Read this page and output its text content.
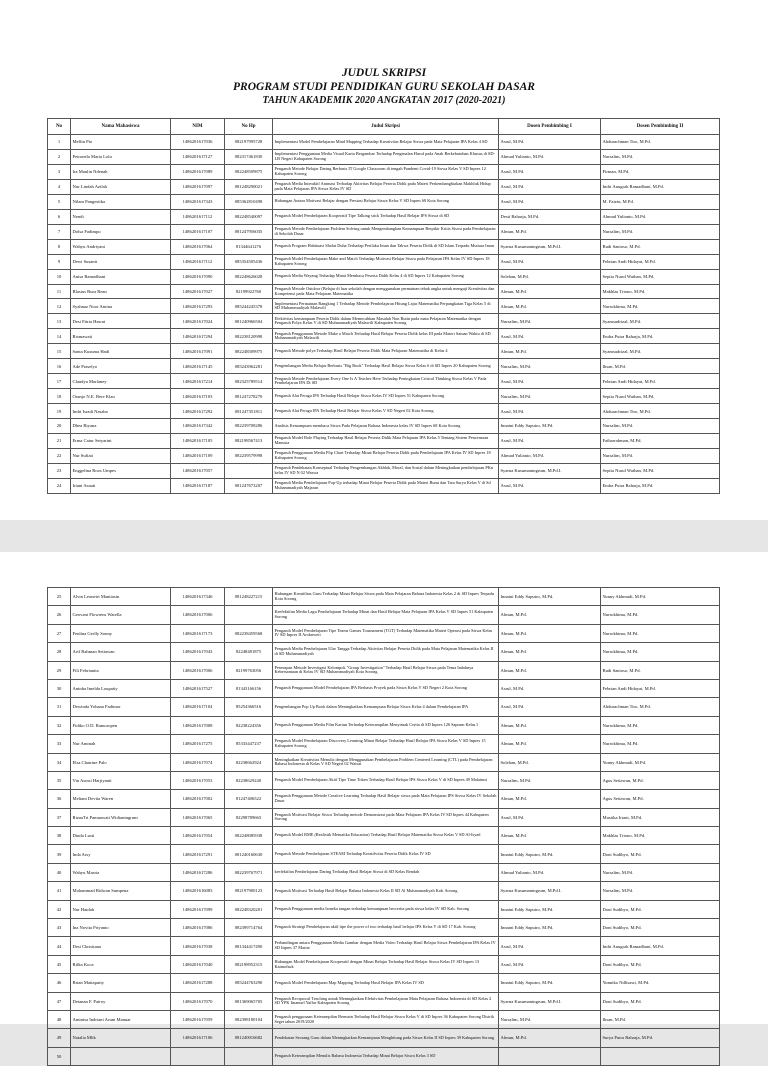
JUDUL SKRIPSI
PROGRAM STUDI PENDIDIKAN GURU SEKOLAH DASAR
TAHUN AKADEMIK 2020 ANGKATAN 2017 (2020-2021)
No	Nama Mahasiswa	NIM	No Hp	Judul Skripsi	Dosen Pembimbing I	Dosen Pembimbing II
1	Melfin Pio	1486201617036	082197995728	Implementasi Model Pembelajaran Mind Mapping Terhadap Kreativitas Belajar Siswa pada Mata Pelajaran IPA Kelas 4 SD	Asrul, M.Pd.	Abdurachman Tiro, M.Pd.
2	Petronela Maria Lolu	1486201617127	082317461830	Implementasi Penggunaan Media Visual Kartu Bergambar Terhadap Pengenalan Huruf pada Anak Berkebutuhan Khusus di SD-LB Negeri Kabupaten Sorong	Ahmad Yulianto, M.Pd.	Nursalim, M.Pd.
3	Ira Maulin Ndenah	1486201617089	082248509875	Pengaruh Metode Belajar Daring Berbasis IT Google Classroom di tengah Pandemi Covid-19 Siswa Kelas V SD Inpres 12 Kabupaten Sorong	Asrul, M.Pd.	Firman, M.Pd.
4	Nur Lindah Azilah	1486201617097	081248290021	Pengaruh Media Interaktif Animasi Terhadap Aktivitas Belajar Peserta Didik pada Materi Perkembangbiakan Makhluk Hidup pada Mata Pelajaran IPA Siswa Kelas IV SD	Asrul, M.Pd.	Indri Anugrah Ramadhani, M.Pd.
5	Nilam Pangestika	1486201617343	085362810498	Hubungan Antara Motivasi Belajar dengan Prestasi Belajar Siswa Kelas V SD Inpres 68 Kota Sorong	Asrul, M.Pd.	M. Faizin, M.Pd.
6	Nendi	1486201617112	082248540097	Pengaruh Model Pembelajaran Kooperatif Tipe Talking stick Terhadap Hasil Belajar IPS Siswa di SD	Desti Raharja, M.Pd.	Ahmad Yulianto, M.Pd.
7	Dolsa Fadimpo	1486201617107	081247956035	Pengaruh Metode Pembelajaran Problem Solving untuk Mengembangkan Kemampuan Berpikir Kritis Siswa pada Pembelajaran di Sekolah Dasar	Almun, M.Pd.	Nursalim, M.Pd.
8	Wahyu Andriyani	1486201617064	81344641276	Pengaruh Program Habituasi Sholat Duha Terhadap Perilaku Iman dan Takwa Peserta Didik di SD Islam Terpadu Mutiara Iman	Syarna Kusumaningrum, M.Pd.I.	Budi Santoso, M.Pd.
9	Dewi Susanti	1486201617112	085354505436	Pengaruh Model Pembelajaran Make and Match Terhadap Motivasi Belajar Siswa pada Pelajaran IPA Kelas IV SD Inpres 18 Kabupaten Sorong	Asrul, M.Pd.	Febrian Andi Hidayat, M.Pd.
10	Anisa Ramadhani	1486201617090	082248626028	Pengaruh Media Wayang Terhadap Minat Membaca Peserta Didik Kelas 4 di SD Inpres 12 Kabupaten Sorong	Solehan, M.Pd.	Septia Nurul Wathan, M.Pd.
11	Blasius Bura Rean	1486201617027	82199922760	Pengaruh Metode Outdoor (Belajar di luar sekolah dengan menggunakan permainan tebak angka untuk menguji Kreativitas dan Kompetensi pada Mata Pelajaran Matematika	Almun, M.Pd.	Makhlas Triono, M.Pd.
12	Syahnaz Noor Amina	1486201617293	085244245378	Implementasi Permainan Rangking 1 Terhadap Metode Pembelajaran Hitung Lajur Matematika Perpangkatan Tiga Kelas 5 di SD Muhammadiyah Malawili	Almun, M.Pd.	Nurrokhima, M.Pd.
13	Desi Fitria Hasrat	1486201617024	081240966504	Efektivitas kemampuan Peserta Didik dalam Memecahkan Masalah Non Rutin pada mata Pelajaran Matematika dengan Pengaruh Polya Kelas V di SD Muhammadiyah Malawili Kabupaten Sorong	Nursalim, M.Pd.	Syamsudrizal, M.Pd.
14	Rismawati	1486201617294	082238120998	Pengaruh Penggunaan Metode Make a Match Terhadap Hasil Belajar Peserta Didik kelas III pada Materi Satuan Waktu di SD Muhammadiyah Malawili	Asrul, M.Pd.	Endra Putra Raharja, M.Pd.
15	Santa Kusuma Hadi	1486201617091	082248509975	Pengaruh Metode polya Terhadap Hasil Belajar Peserta Didik Mata Pelajaran Matematika di Kelas 4	Almun, M.Pd.	Syamsudrizal, M.Pd.
16	Ade Praselyo	1486201617145	085243962281	Pengembangan Media Belajar Berbasis "Big Book" Terhadap Hasil Belajar Siswa Kelas 6 di SD Inpres 20 Kabupaten Sorong	Nursalim, M.Pd.	Ihsan, M.Pd.
17	Claudya Marlaney	1486201617214	082325789514	Pengaruh Metode Pembelajaran Every One Is A Teacher Here Terhadap Peningkatan Critical Thinking Siswa Kelas V Pada Pembelajaran IPA Di SD	Asrul, M.Pd.	Febrian Andi Hidayat, M.Pd.
18	Oranjo N.E. Bere Klau	1486201617103	081247278270	Pengaruh Alat Peraga IPS Terhadap Hasil Belajar Siswa Kelas IV SD Inpres 51 Kabupaten Sorong	Nursalim, M.Pd.	Septia Nurul Wathan, M.Pd.
19	Indri Isradi Nasaba	1486201617292	081247351811	Pengaruh Alat Peraga IPA Terhadap Hasil Belajar Siswa Kelas V SD Negeri 02 Kota Sorong	Asrul, M.Pd.	Abdurachman Tiro, M.Pd.
20	Dhea Riyana	1486201617342	082239708286	Analisis Kemampuan membaca Siswa Pada Pelajaran Bahasa Indonesia kelas IV SD Inpres 68 Kota Sorong	Innaini Eddy Saputro, M.Pd.	Nursalim, M.Pd.
21	Erma Catur Setyarini	1486201617105	082198567413	Pengaruh Model Role Playing Terhadap Hasil Belajar Peserta Didik Mata Pelajaran IPA Kelas 5 Tentang Sistem Pencernaan Manusia	Asrul, M.Pd.	Fatharrahman, M.Pd.
22	Nur Sufiati	1486201617109	082239579998	Pengaruh Penggunaan Media Flip Chart Terhadap Minat Belajar Peserta Didik pada Pembelajaran IPA Kelas IV SD Inpres 18 Kabupaten Sorong	Ahmad Yulianto, M.Pd.	Nursalim, M.Pd.
23	Enggelina Roos Umpes	1486201617057		Pengaruh Pendekatan Konseptual Terhadap Pengembangan Akhlak, Moral, dan Sosial dalam Meningkatkan pembelajaran PKn kelas IV SD N 02 Waswa	Syarna Kusumaningrum, M.Pd.I.	Septia Nurul Wathan, M.Pd.
24	Iriani Asnati	1486201617187	081247673207	Pengaruh Media Pembelajaran Pop-Up terhadap Minat Belajar Peserta Didik pada Materi Bumi dan Tata Surya Kelas V di Sd Muhammadiyah Majaran	Asrul, M.Pd.	Endra Putra Raharja, M.Pd.
25	Alvin Leonetri Mantiasin	1486201617346	081248227215	Hubungan Kreatifitas Guru Terhadap Minat Belajar Siswa pada Mata Pelajaran Bahasa Indonesia Kelas 2 di SD Inpres Terpadu Kota Sorong	Innaini Eddy Saputro, M.Pd.	Yunny Akhmadi, M.Pd.
26	Geovani Flowrens Warella	1486201617006		Keefektifan Media Lagu Pembelajaran Terhadap Minat dan Hasil Belajar Mata Pelajaran IPA Kelas V SD Inpres 51 Kabupaten Sorong	Almun, M.Pd.	Nurrokhima, M.Pd.
27	Fenlina Gerlly Sonny	1486201617173	082238459568	Pengaruh Model Pembelajaran Tipe Teams Games Tournament (TGT) Terhadap Matematika Materi Operasi pada Siswa Kelas IV SD Inpres II Aroknweri	Almun, M.Pd.	Nurrokhima, M.Pd.
28	Arif Rahman Setiawan	1486201617043	82248481875	Pengaruh Media Pembelajaran Ular Tangga Terhadap Aktivitas Belajar Peserta Didik pada Mata Pelajaran Matematika Kelas II di SD Muhammadiyah	Almun, M.Pd.	Nurrokhima, M.Pd.
29	Fili Febrianita	1486201617006	82199763056	Penerapan Metode Investigasi Kelompok "Group Investigation" Terhadap Hasil Belajar Siswa pada Tema Indahnya Kebersamaan di Kelas IV SD Muhammadiyah Kota Sorong	Almun, M.Pd.	Budi Santoso, M.Pd.
30	Aninha Imelda Loupatty	1486201617527	81343166156	Pengaruh Penggunaan Model Pembelajaran IPA Berbasis Proyek pada Siswa Kelas V SD Negeri 2 Kota Sorong	Asrul, M.Pd.	Febrian Andi Hidayat, M.Pd.
31	Dewinda Yohana Fadimor	1486201617104	85254366516	Pengembangan Pop Up Book dalam Meningkatkan Kemampuan Belajar Siswa Kelas 4 dalam Pembelajaran IPA	Asrul, M.Pd.	Abdurachman Tiro, M.Pd.
32	Fidiko O.D. Ramoropen	1486201617008	82238224356	Pengaruh Penggunaan Media Film Kartun Terhadap Keterampilan Menyimak Cerita di SD Inpres 126 Saprum Kelas I	Almun, M.Pd.	Nurrokhima, M.Pd.
33	Nur Aminah	1486201617275	85333447237	Pengaruh Model Pembelajaran Discovery Learning Minat Belajar Terhadap Hasil Belajar IPA Siswa Kelas V SD Inpres 15 Kabupaten Sorong	Almun, M.Pd.	Nurrokhima, M.Pd.
34	Elsa Chatrine Palo	1486201617074	82238662924	Meningkatkan Kreativitas Menulis dengan Menggunakan Pembelajaran Problem Centered Learning (CTL) pada Pembelajaran Bahasa Indonesia di Kelas V SD Negeri 02 Waisai	Solehan, M.Pd.	Yunny Akhmadi, M.Pd.
35	Vin Asosti Harjiyanti	1486201617053	82238629240	Pengaruh Model Pembelajaran Aktif Tipe Time Token Terhadap Hasil Belajar IPS Siswa Kelas V di SD Inpres 49 Malaimsi	Nursalim, M.Pd.	Agus Setiawan, M.Pd.
36	Meliani Devita Waren	1486201617002	81247406522	Pengaruh Penggunaan Metode Creative Learning Terhadap Hasil Belajar siswa pada Mata Pelajaran IPS Siswa Kelas IV Sekolah Dasar	Almun, M.Pd.	Agus Setiawan, M.Pd.
37	RizaaTri Pamuawati Widianingrum	1486201617065	82298789665	Pengaruh Motivasi Belajar Siswa Terhadap metode Demonstrasi pada Mata Pelajaran IPA Kelas IV SD Inpres 44 Kabupaten Sorong	Asrul, M.Pd.	Mustika Iriani, M.Pd.
38	Dinda Lusti	1486201617054	082248085938	Pengaruh Model RME (Realistik Mematika Education) Terhadap Hasil Belajar Matematika Siswa Kelas V SD Al-Isyad	Almun, M.Pd.	Makhlas Triono, M.Pd.
39	Inda Arsy	1486201617291	081240160630	Pengaruh Metode Pembelajaran STEAM Terhadap Kreatifvitas Peserta Didik Kelas IV SD	Innaini Eddy Saputro, M.Pd.	Doni Sudibyo, M.Pd.
40	Wahyu Masria	1486201617286	082239767971	keefektifan Pembelajaran Daring Terhadap Hasil Belajar Siswa di SD Kelas Rendah	Ahmad Yulianto, M.Pd.	Nursalim, M.Pd.
41	Mohammad Ridwan Sumpena	1486201616083	082197900123	Pengaruh Motivasi Terhadap Hasil Belajar Bahasa Indonesia Kelas II SD Al Muhammadiyah Kab. Sorong	Syarna Kusumaningrum, M.Pd.I.	Nursalim, M.Pd.
42	Nur Haidah	1486201617099	082248320201	Pengaruh Penggunaan media boneka tangan terhadap kemampuan bercerita pada siswa kelas IV SD Kab. Sorong	Innaini Eddy Saputro, M.Pd.	Doni Sudibyo, M.Pd.
43	Ina Novita Priyanto	1486201617086	082399714764	Pengaruh Strategi Pembelajaran aktif tipe the power of two terhadap hasil belajar IPS Kelas V di SD 17 Kab. Sorong	Innaini Eddy Saputro, M.Pd.	Doni Sudibyo, M.Pd.
44	Desi Christiana	1486201617038	081344417490	Perbandingan antara Penggunaan Media Gambar dengan Media Video Terhadap Hasil Belajar Siswa Pembelajaran IPA Kelas IV SD Inpres 37 Mariat	Asrul, M.Pd.	Indri Anugrah Ramadhani, M.Pd.
45	Rifka Koca	1486201617040	082198952315	Hubungan Model Pembelajaran Kooperatif dengan Minat Belajar Terhadap Hasil Belajar Siswa Kelas IV SD Inpres 13 Kaimofsuk	Asrul, M.Pd.	Doni Sudibyo, M.Pd.
46	Brian Matiaputty	1486201617288	085244763290	Pengaruh Model Pembelajaran Map Mapping Terhadap Hasil Belajar IPA Kelas IV SD	Innaini Eddy Saputro, M.Pd.	Yunniko Ndlisasri, M.Pd.
47	Deianan F. Pairoy	1486201617070	081369065705	Pengaruh Reciprocal Teaching untuk Meningkatkan Efektivitas Pembelajaran Mata Pelajaran Bahasa Indonesia di SD Kelas 2 SD YPK Imanuel Yaffar Kabupaten Sorong	Syarna Kusumaningrum, M.Pd.I.	Doni Sudibyo, M.Pd.
48	Aminisa Indriani Arum Manuar	1486201617059	082398180104	Pengaruh penggunaan Keterampilan Bermain Terhadap Hasil Belajar Siswa Kelas V di SD Inpres 36 Kabupaten Sorong Distrik Seget tahun 2019/2020	Nursalim, M.Pd.	Ihsan, M.Pd.
49	Natalia Mlik	1486201617106	081240016682	Pendekatan Seorang Guru dalam Meningkatkan Kemampuan Menghitung pada Siswa Kelas II SD Inpres 39 Kabupaten Sorong	Almun, M.Pd.	Surya Putra Raharja, M.Pd.
50				Pengaruh Keterampilan Menulis Bahasa Indonesia Terhadap Minat Belajar Siswa Kelas 3 SD		
